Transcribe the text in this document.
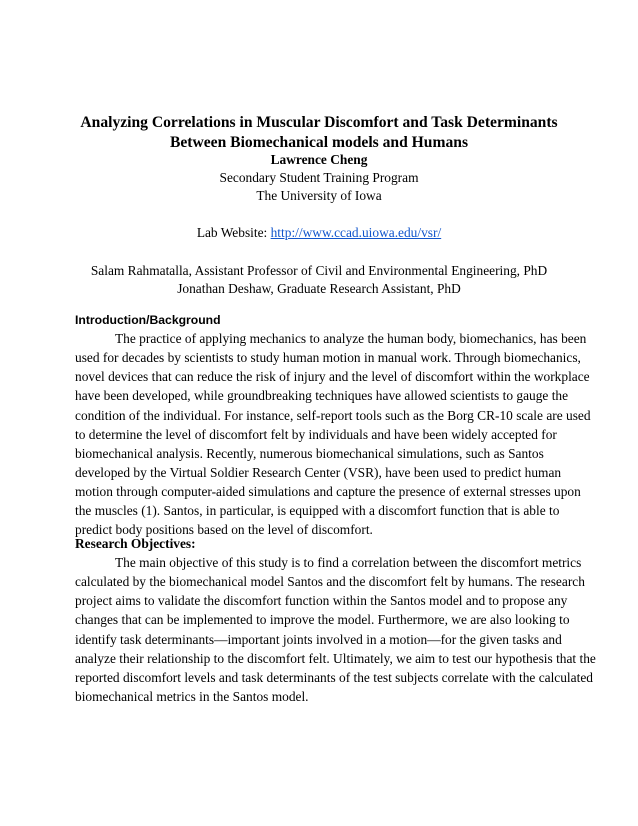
Analyzing Correlations in Muscular Discomfort and Task Determinants
Between Biomechanical models and Humans
Lawrence Cheng
Secondary Student Training Program
The University of Iowa
Lab Website: http://www.ccad.uiowa.edu/vsr/
Salam Rahmatalla, Assistant Professor of Civil and Environmental Engineering, PhD
Jonathan Deshaw, Graduate Research Assistant, PhD
Introduction/Background
The practice of applying mechanics to analyze the human body, biomechanics, has been
used for decades by scientists to study human motion in manual work. Through biomechanics,
novel devices that can reduce the risk of injury and the level of discomfort within the workplace
have been developed, while groundbreaking techniques have allowed scientists to gauge the
condition of the individual. For instance, self-report tools such as the Borg CR-10 scale are used
to determine the level of discomfort felt by individuals and have been widely accepted for
biomechanical analysis. Recently, numerous biomechanical simulations, such as Santos
developed by the Virtual Soldier Research Center (VSR), have been used to predict human
motion through computer-aided simulations and capture the presence of external stresses upon
the muscles (1). Santos, in particular, is equipped with a discomfort function that is able to
predict body positions based on the level of discomfort.
Research Objectives:
The main objective of this study is to find a correlation between the discomfort metrics
calculated by the biomechanical model Santos and the discomfort felt by humans. The research
project aims to validate the discomfort function within the Santos model and to propose any
changes that can be implemented to improve the model. Furthermore, we are also looking to
identify task determinants—important joints involved in a motion—for the given tasks and
analyze their relationship to the discomfort felt. Ultimately, we aim to test our hypothesis that the
reported discomfort levels and task determinants of the test subjects correlate with the calculated
biomechanical metrics in the Santos model.
